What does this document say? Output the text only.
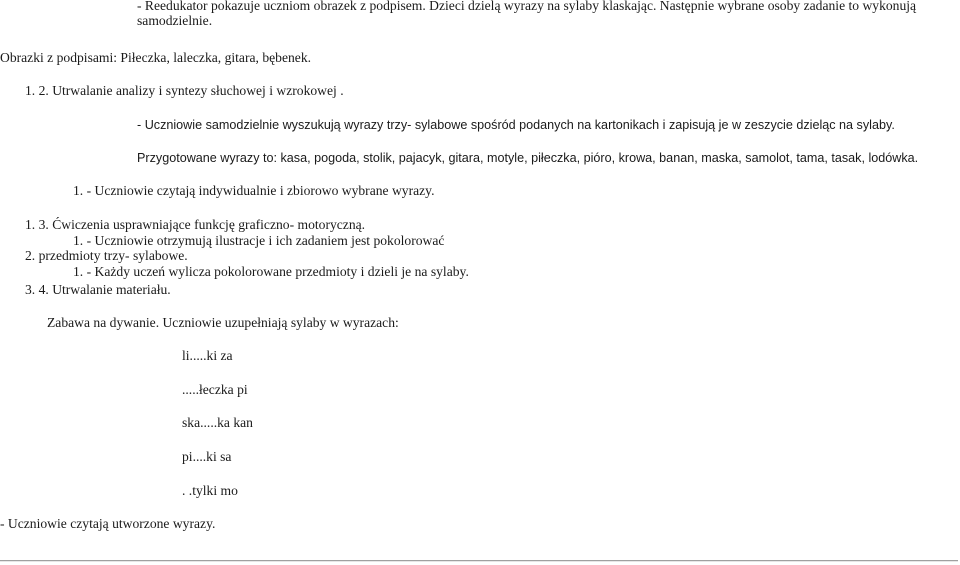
- Reedukator pokazuje uczniom obrazek z podpisem. Dzieci dzielą wyrazy na sylaby klaskając. Następnie wybrane osoby zadanie to wykonują
samodzielnie.
Obrazki z podpisami: Piłeczka, laleczka, gitara, bębenek.
1. 2. Utrwalanie analizy i syntezy słuchowej i wzrokowej .
- Uczniowie samodzielnie wyszukują wyrazy trzy- sylabowe spośród podanych na kartonikach i zapisują je w zeszycie dzieląc na sylaby.
Przygotowane wyrazy to: kasa, pogoda, stolik, pajacyk, gitara, motyle, piłeczka, pióro, krowa, banan, maska, samolot, tama, tasak, lodówka.
1. - Uczniowie czytają indywidualnie i zbiorowo wybrane wyrazy.
1. 3. Ćwiczenia usprawniające funkcję graficzno- motoryczną.
1. - Uczniowie otrzymują ilustracje i ich zadaniem jest pokolorować
2. przedmioty trzy- sylabowe.
1. - Każdy uczeń wylicza pokolorowane przedmioty i dzieli je na sylaby.
3. 4. Utrwalanie materiału.
Zabawa na dywanie. Uczniowie uzupełniają sylaby w wyrazach:
li.....ki za
.....łeczka pi
ska.....ka kan
pi....ki sa
. .tylki mo
- Uczniowie czytają utworzone wyrazy.
